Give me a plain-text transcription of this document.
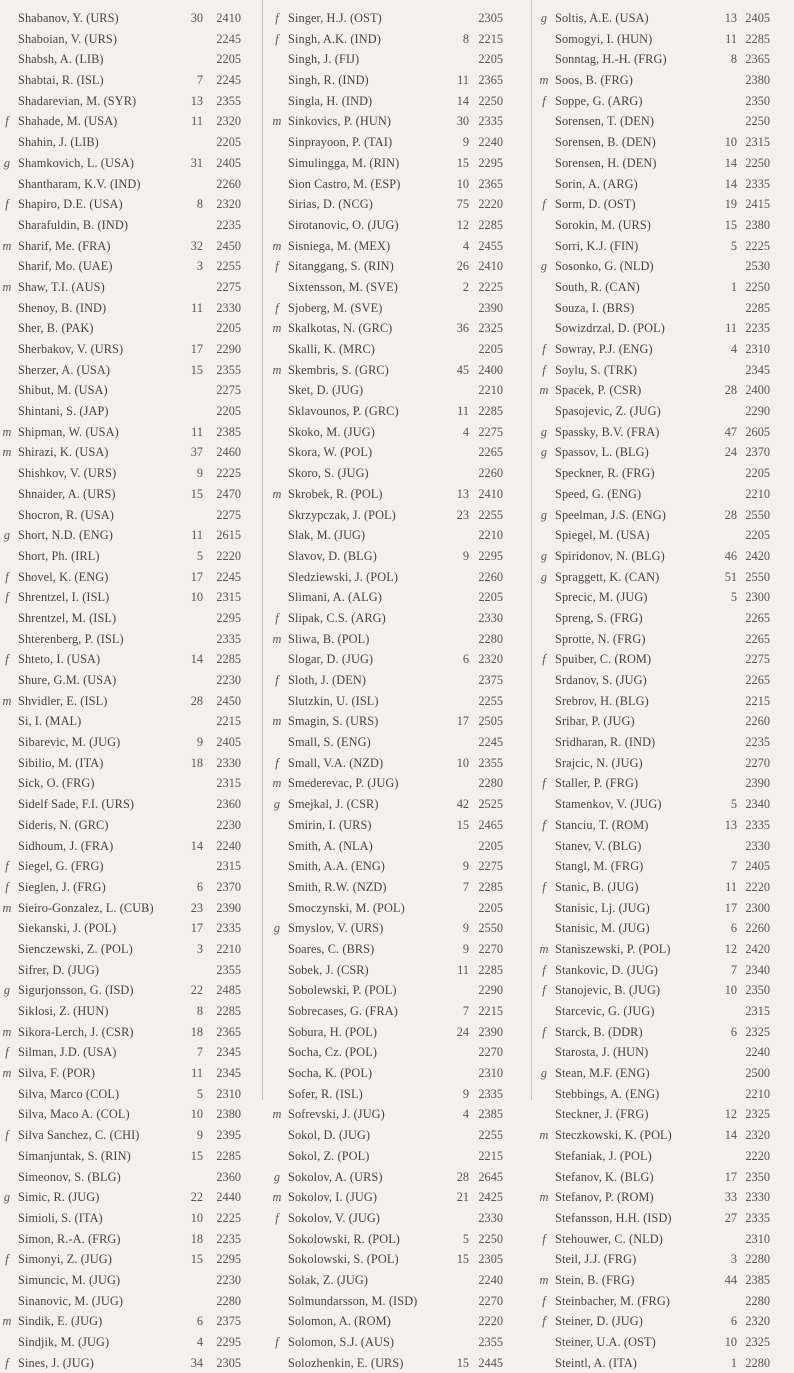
Shabanov, Y. (URS)	30	2410
Shaboian, V. (URS)	2245
Shabsh, A. (LIB)	2205
Shabtai, R. (ISL)	7	2245
Shadarevian, M. (SYR)	13	2355
f Shahade, M. (USA)	11	2320
Shahin, J. (LIB)	2205
g Shamkovich, L. (USA)	31	2405
Shantharam, K.V. (IND)	2260
f Shapiro, D.E. (USA)	8	2320
Sharafuldin, B. (IND)	2235
m Sharif, Me. (FRA)	32	2450
Sharif, Mo. (UAE)	3	2255
m Shaw, T.I. (AUS)	2275
Shenoy, B. (IND)	11	2330
Sher, B. (PAK)	2205
Sherbakov, V. (URS)	17	2290
Sherzer, A. (USA)	15	2355
Shibut, M. (USA)	2275
Shintani, S. (JAP)	2205
m Shipman, W. (USA)	11	2385
m Shirazi, K. (USA)	37	2460
Shishkov, V. (URS)	9	2225
Shnaider, A. (URS)	15	2470
Shocron, R. (USA)	2275
g Short, N.D. (ENG)	11	2615
Short, Ph. (IRL)	5	2220
f Shovel, K. (ENG)	17	2245
f Shrentzel, I. (ISL)	10	2315
Shrentzel, M. (ISL)	2295
Shterenberg, P. (ISL)	2335
f Shteto, I. (USA)	14	2285
Shure, G.M. (USA)	2230
m Shvidler, E. (ISL)	28	2450
Si, I. (MAL)	2215
Sibarevic, M. (JUG)	9	2405
Sibilio, M. (ITA)	18	2330
Sick, O. (FRG)	2315
Sidelf Sade, F.I. (URS)	2360
Sideris, N. (GRC)	2230
Sidhoum, J. (FRA)	14	2240
f Siegel, G. (FRG)	2315
f Sieglen, J. (FRG)	6	2370
m Sieiro-Gonzalez, L. (CUB)	23	2390
Siekanski, J. (POL)	17	2335
Sienczewski, Z. (POL)	3	2210
Sifrer, D. (JUG)	2355
g Sigurjonsson, G. (ISD)	22	2485
Siklosi, Z. (HUN)	8	2285
m Sikora-Lerch, J. (CSR)	18	2365
f Silman, J.D. (USA)	7	2345
m Silva, F. (POR)	11	2345
Silva, Marco (COL)	5	2310
Silva, Maco A. (COL)	10	2380
f Silva Sanchez, C. (CHI)	9	2395
Simanjuntak, S. (RIN)	15	2285
Simeonov, S. (BLG)	2360
g Simic, R. (JUG)	22	2440
Simioli, S. (ITA)	10	2225
Simon, R.-A. (FRG)	18	2235
f Simonyi, Z. (JUG)	15	2295
Simuncic, M. (JUG)	2230
Sinanovic, M. (JUG)	2280
m Sindik, E. (JUG)	6	2375
Sindjik, M. (JUG)	4	2295
f Sines, J. (JUG)	34	2305
f Singer, H.J. (OST)	2305
f Singh, A.K. (IND)	8 2215
Singh, J. (FIJ)	2205
Singh, R. (IND)	11 2365
Singla, H. (IND)	14 2250
m Sinkovics, P. (HUN)	30 2335
Sinprayoon, P. (TAI)	9 2240
Simulingga, M. (RIN)	15 2295
Sion Castro, M. (ESP)	10 2365
Sirias, D. (NCG)	75 2220
Sirotanovic, O. (JUG)	12 2285
m Sisniega, M. (MEX)	4 2455
f Sitanggang, S. (RIN)	26 2410
Sixtensson, M. (SVE)	2 2225
f Sjoberg, M. (SVE)	2390
m Skalkotas, N. (GRC)	36 2325
Skalli, K. (MRC)	2205
m Skembris, S. (GRC)	45 2400
Sket, D. (JUG)	2210
Sklavounos, P. (GRC)	11 2285
Skoko, M. (JUG)	4 2275
Skora, W. (POL)	2265
Skoro, S. (JUG)	2260
m Skrobek, R. (POL)	13 2410
Skrzypczak, J. (POL)	23 2255
Slak, M. (JUG)	2210
Slavov, D. (BLG)	9 2295
Sledziewski, J. (POL)	2260
Slimani, A. (ALG)	2205
f Slipak, C.S. (ARG)	2330
m Sliwa, B. (POL)	2280
Slogar, D. (JUG)	6 2320
f Sloth, J. (DEN)	2375
Slutzkin, U. (ISL)	2255
m Smagin, S. (URS)	17 2505
Small, S. (ENG)	2245
f Small, V.A. (NZD)	10 2355
m Smederevac, P. (JUG)	2280
g Smejkal, J. (CSR)	42 2525
Smirin, I. (URS)	15 2465
Smith, A. (NLA)	2205
Smith, A.A. (ENG)	9 2275
Smith, R.W. (NZD)	7 2285
Smoczynski, M. (POL)	2205
g Smyslov, V. (URS)	9 2550
Soares, C. (BRS)	9 2270
Sobek, J. (CSR)	11 2285
Sobolewski, P. (POL)	2290
Sobrecases, G. (FRA)	7 2215
Sobura, H. (POL)	24 2390
Socha, Cz. (POL)	2270
Socha, K. (POL)	2310
Sofer, R. (ISL)	9 2335
m Sofrevski, J. (JUG)	4 2385
Sokol, D. (JUG)	2255
Sokol, Z. (POL)	2215
g Sokolov, A. (URS)	28 2645
m Sokolov, I. (JUG)	21 2425
f Sokolov, V. (JUG)	2330
Sokolowski, R. (POL)	5 2250
Sokolowski, S. (POL)	15 2305
Solak, Z. (JUG)	2240
Solmundarsson, M. (ISD)	2270
Solomon, A. (ROM)	2220
f Solomon, S.J. (AUS)	2355
Solozhenkin, E. (URS)	15 2445
g Soltis, A.E. (USA)	13 2405
Somogyi, I. (HUN)	11 2285
Sonntag, H.-H. (FRG)	8 2365
m Soos, B. (FRG)	2380
f Soppe, G. (ARG)	2350
Sorensen, T. (DEN)	2250
Sorensen, B. (DEN)	10 2315
Sorensen, H. (DEN)	14 2250
Sorin, A. (ARG)	14 2335
f Sorm, D. (OST)	19 2415
Sorokin, M. (URS)	15 2380
Sorri, K.J. (FIN)	5 2225
g Sosonko, G. (NLD)	2530
South, R. (CAN)	1 2250
Souza, I. (BRS)	2285
Sowizdrzal, D. (POL)	11 2235
f Sowray, P.J. (ENG)	4 2310
f Soylu, S. (TRK)	2345
m Spacek, P. (CSR)	28 2400
Spasojevic, Z. (JUG)	2290
g Spassky, B.V. (FRA)	47 2605
g Spassov, L. (BLG)	24 2370
Speckner, R. (FRG)	2205
Speed, G. (ENG)	2210
g Speelman, J.S. (ENG)	28 2550
Spiegel, M. (USA)	2205
g Spiridonov, N. (BLG)	46 2420
g Spraggett, K. (CAN)	51 2550
Sprecic, M. (JUG)	5 2300
Spreng, S. (FRG)	2265
Sprotte, N. (FRG)	2265
f Spuiber, C. (ROM)	2275
Srdanov, S. (JUG)	2265
Srebrov, H. (BLG)	2215
Sribar, P. (JUG)	2260
Sridharan, R. (IND)	2235
Srajcic, N. (JUG)	2270
f Staller, P. (FRG)	2390
Stamenkov, V. (JUG)	5 2340
f Stanciu, T. (ROM)	13 2335
Stanev, V. (BLG)	2330
Stangl, M. (FRG)	7 2405
f Stanic, B. (JUG)	11 2220
Stanisic, Lj. (JUG)	17 2300
Stanisic, M. (JUG)	6 2260
m Staniszewski, P. (POL)	12 2420
f Stankovic, D. (JUG)	7 2340
f Stanojevic, B. (JUG)	10 2350
Starcevic, G. (JUG)	2315
f Starck, B. (DDR)	6 2325
Starosta, J. (HUN)	2240
g Stean, M.F. (ENG)	2500
Stebbings, A. (ENG)	2210
Steckner, J. (FRG)	12 2325
m Steczkowski, K. (POL)	14 2320
Stefaniak, J. (POL)	2220
Stefanov, K. (BLG)	17 2350
m Stefanov, P. (ROM)	33 2330
Stefansson, H.H. (ISD)	27 2335
f Stehouwer, C. (NLD)	2310
Steil, J.J. (FRG)	3 2280
m Stein, B. (FRG)	44 2385
f Steinbacher, M. (FRG)	2280
f Steiner, D. (JUG)	6 2320
Steiner, U.A. (OST)	10 2325
Steintl, A. (ITA)	1 2280
